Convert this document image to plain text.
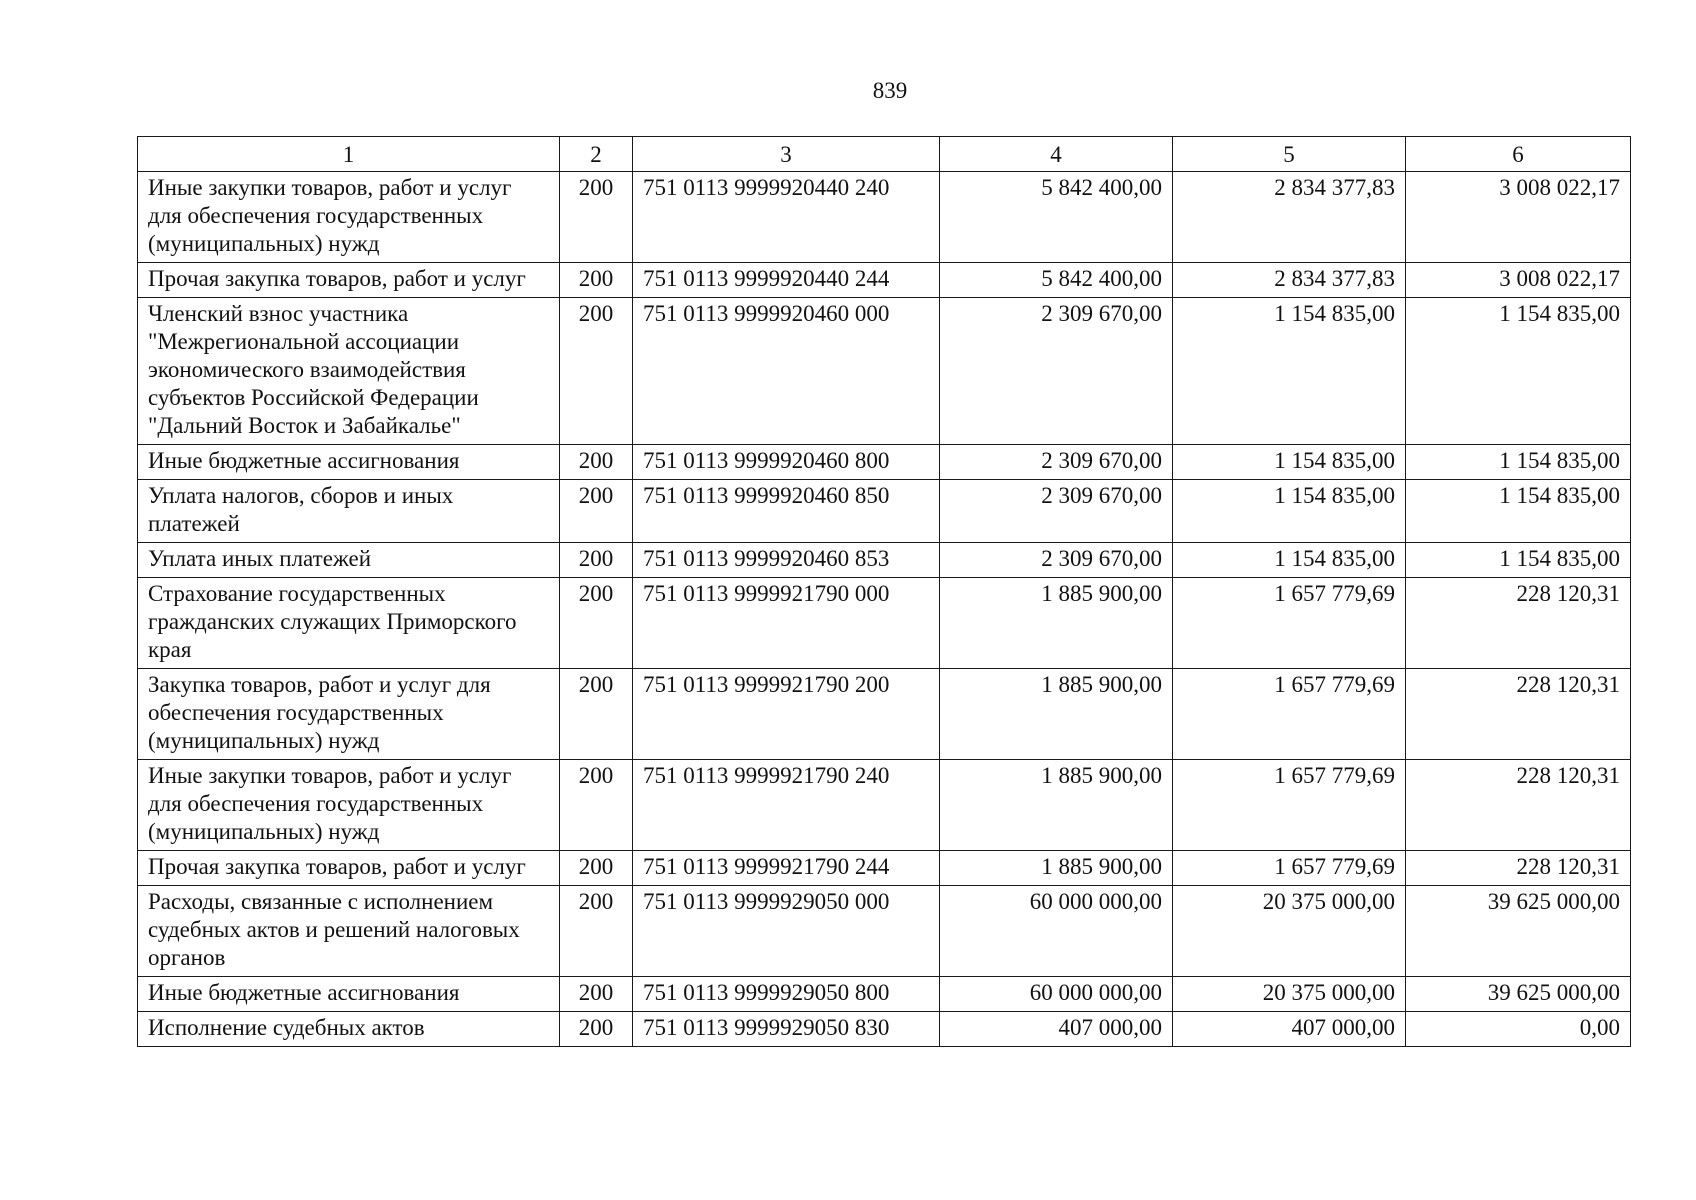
839
1	2	3	4	5	6
Иные закупки товаров, работ и услуг для обеспечения государственных (муниципальных) нужд	200	751 0113 9999920440 240	5 842 400,00	2 834 377,83	3 008 022,17
Прочая закупка товаров, работ и услуг	200	751 0113 9999920440 244	5 842 400,00	2 834 377,83	3 008 022,17
Членский взнос участника "Межрегиональной ассоциации экономического взаимодействия субъектов Российской Федерации "Дальний Восток и Забайкалье"	200	751 0113 9999920460 000	2 309 670,00	1 154 835,00	1 154 835,00
Иные бюджетные ассигнования	200	751 0113 9999920460 800	2 309 670,00	1 154 835,00	1 154 835,00
Уплата налогов, сборов и иных платежей	200	751 0113 9999920460 850	2 309 670,00	1 154 835,00	1 154 835,00
Уплата иных платежей	200	751 0113 9999920460 853	2 309 670,00	1 154 835,00	1 154 835,00
Страхование государственных гражданских служащих Приморского края	200	751 0113 9999921790 000	1 885 900,00	1 657 779,69	228 120,31
Закупка товаров, работ и услуг для обеспечения государственных (муниципальных) нужд	200	751 0113 9999921790 200	1 885 900,00	1 657 779,69	228 120,31
Иные закупки товаров, работ и услуг для обеспечения государственных (муниципальных) нужд	200	751 0113 9999921790 240	1 885 900,00	1 657 779,69	228 120,31
Прочая закупка товаров, работ и услуг	200	751 0113 9999921790 244	1 885 900,00	1 657 779,69	228 120,31
Расходы, связанные с исполнением судебных актов и решений налоговых органов	200	751 0113 9999929050 000	60 000 000,00	20 375 000,00	39 625 000,00
Иные бюджетные ассигнования	200	751 0113 9999929050 800	60 000 000,00	20 375 000,00	39 625 000,00
Исполнение судебных актов	200	751 0113 9999929050 830	407 000,00	407 000,00	0,00
